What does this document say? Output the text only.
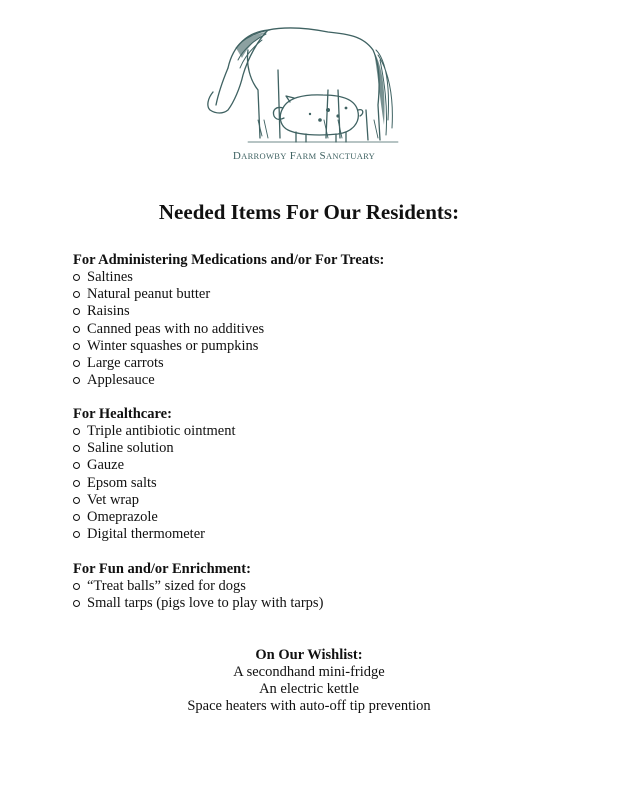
DARROWBY FARM SANCTUARY
Needed Items For Our Residents:
For Administering Medications and/or For Treats:
Saltines
Natural peanut butter
Raisins
Canned peas with no additives
Winter squashes or pumpkins
Large carrots
Applesauce
For Healthcare:
Triple antibiotic ointment
Saline solution
Gauze
Epsom salts
Vet wrap
Omeprazole
Digital thermometer
For Fun and/or Enrichment:
“Treat balls” sized for dogs
Small tarps (pigs love to play with tarps)
On Our Wishlist:
A secondhand mini-fridge
An electric kettle
Space heaters with auto-off tip prevention
